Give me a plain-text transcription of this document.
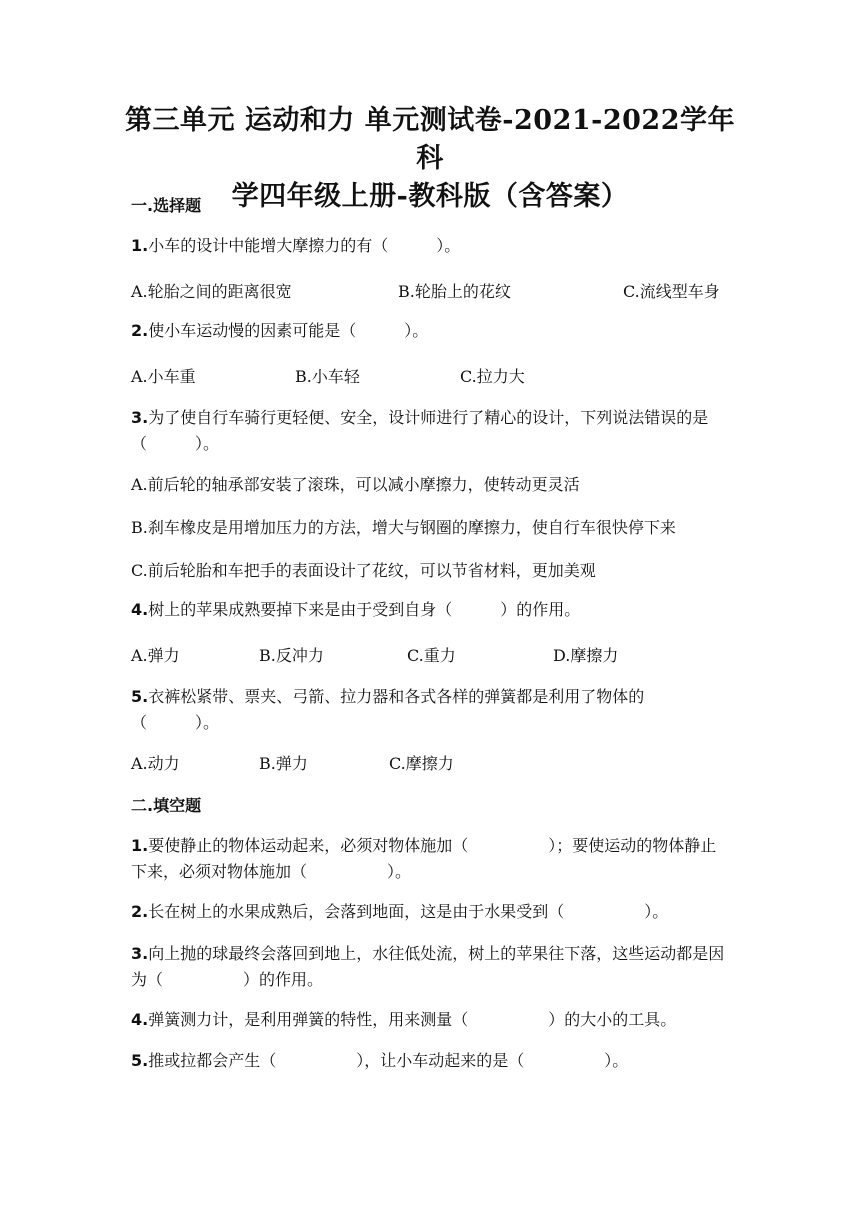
第三单元 运动和力 单元测试卷-2021-2022学年科
学四年级上册-教科版（含答案）
一.选择题
1.小车的设计中能增大摩擦力的有（　　　）。
A.轮胎之间的距离很宽	B.轮胎上的花纹	C.流线型车身
2.使小车运动慢的因素可能是（　　　）。
A.小车重	B.小车轻	C.拉力大
3.为了使自行车骑行更轻便、安全，设计师进行了精心的设计，下列说法错误的是（　　　）。
A.前后轮的轴承部安装了滚珠，可以减小摩擦力，使转动更灵活
B.刹车橡皮是用增加压力的方法，增大与钢圈的摩擦力，使自行车很快停下来
C.前后轮胎和车把手的表面设计了花纹，可以节省材料，更加美观
4.树上的苹果成熟要掉下来是由于受到自身（　　　）的作用。
A.弹力	B.反冲力	C.重力	D.摩擦力
5.衣裤松紧带、票夹、弓箭、拉力器和各式各样的弹簧都是利用了物体的（　　　）。
A.动力	B.弹力	C.摩擦力
二.填空题
1.要使静止的物体运动起来，必须对物体施加（　　　　　）；要使运动的物体静止下来，必须对物体施加（　　　　　）。
2.长在树上的水果成熟后，会落到地面，这是由于水果受到（　　　　　）。
3.向上抛的球最终会落回到地上，水往低处流，树上的苹果往下落，这些运动都是因为（　　　　　）的作用。
4.弹簧测力计，是利用弹簧的特性，用来测量（　　　　　）的大小的工具。
5.推或拉都会产生（　　　　　），让小车动起来的是（　　　　　）。
